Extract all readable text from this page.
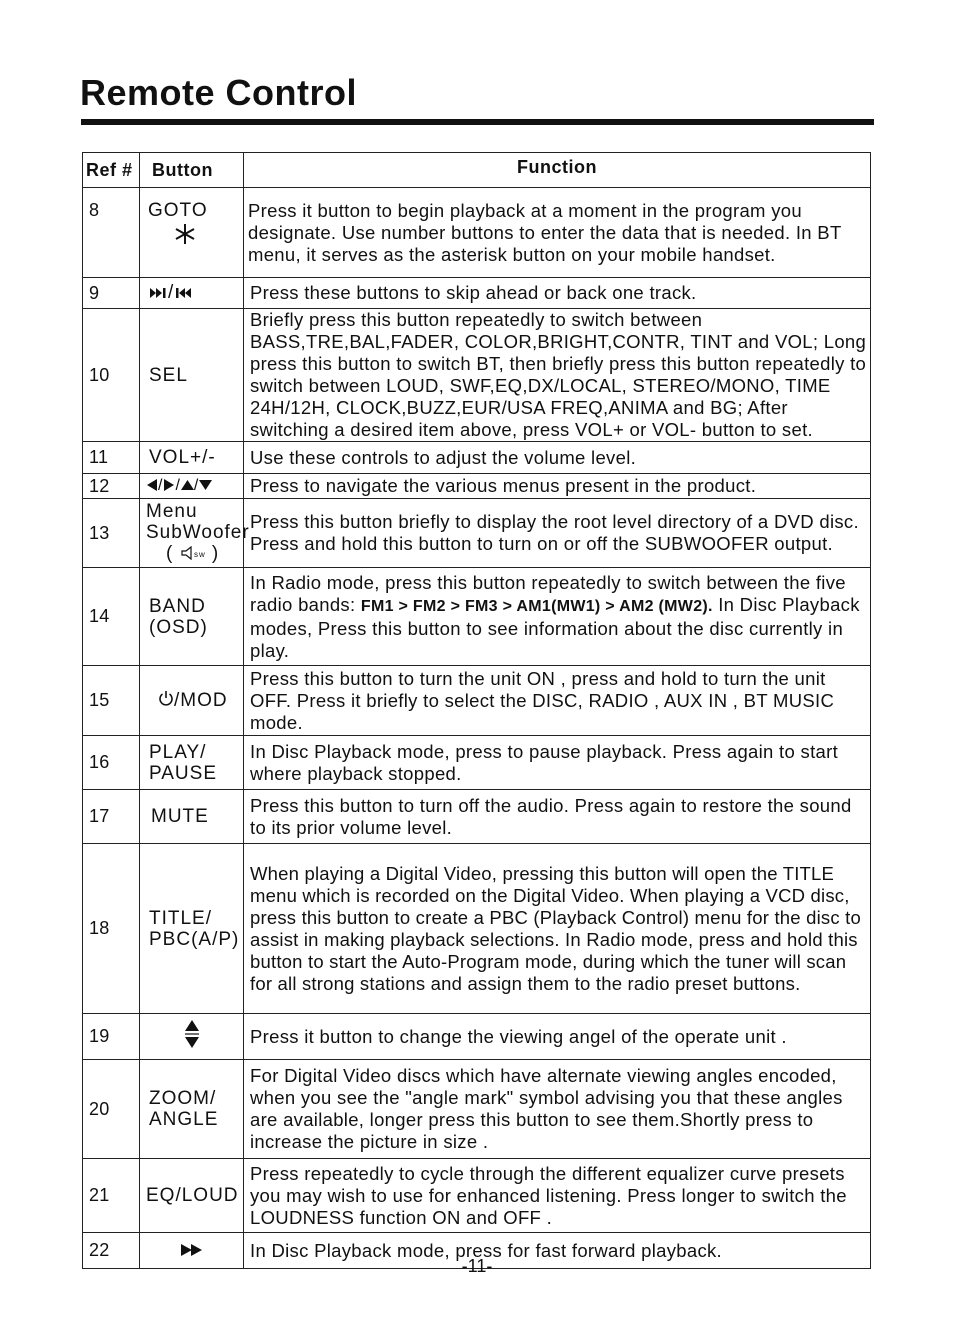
Remote Control
Ref #	Button	Function
8	GOTO	Press it button to begin playback at a moment in the program you designate. Use number buttons to enter the data that is needed. In BT menu, it serves as the asterisk button on your mobile handset.
9	/	Press these buttons to skip ahead or back one track.
10	SEL	Briefly press this button repeatedly to switch between BASS,TRE,BAL,FADER, COLOR,BRIGHT,CONTR, TINT and VOL; Long press this button to switch BT, then briefly press this button repeatedly to switch between LOUD, SWF,EQ,DX/LOCAL, STEREO/MONO, TIME 24H/12H, CLOCK,BUZZ,EUR/USA FREQ,ANIMA and BG; After switching a desired item above, press VOL+ or VOL- button to set.
11	VOL+/-	Use these controls to adjust the volume level.
12	/ / /	Press to navigate the various menus present in the product.
13	Menu
SubWoofer
( sw )	Press this button briefly to display the root level directory of a DVD disc. Press and hold this button to turn on or off the SUBWOOFER output.
14	BAND
(OSD)	In Radio mode, press this button repeatedly to switch between the five radio bands: FM1 > FM2 > FM3 > AM1(MW1) > AM2 (MW2). In Disc Playback modes, Press this button to see information about the disc currently in play.
15	/MOD	Press this button to turn the unit ON , press and hold to turn the unit OFF. Press it briefly to select the DISC, RADIO , AUX IN , BT MUSIC mode.
16	PLAY/
PAUSE	In Disc Playback mode, press to pause playback. Press again to start where playback stopped.
17	MUTE	Press this button to turn off the audio. Press again to restore the sound to its prior volume level.
18	TITLE/
PBC(A/P)	When playing a Digital Video, pressing this button will open the TITLE menu which is recorded on the Digital Video. When playing a VCD disc, press this button to create a PBC (Playback Control) menu for the disc to assist in making playback selections. In Radio mode, press and hold this button to start the Auto-Program mode, during which the tuner will scan for all strong stations and assign them to the radio preset buttons.
19		Press it button to change the viewing angel of the operate unit .
20	ZOOM/
ANGLE	For Digital Video discs which have alternate viewing angles encoded, when you see the "angle mark" symbol advising you that these angles are available, longer press this button to see them.Shortly press to increase the picture in size .
21	EQ/LOUD	Press repeatedly to cycle through the different equalizer curve presets you may wish to use for enhanced listening. Press longer to switch the LOUDNESS function ON and OFF .
22		In Disc Playback mode, press for fast forward playback.
-11-
